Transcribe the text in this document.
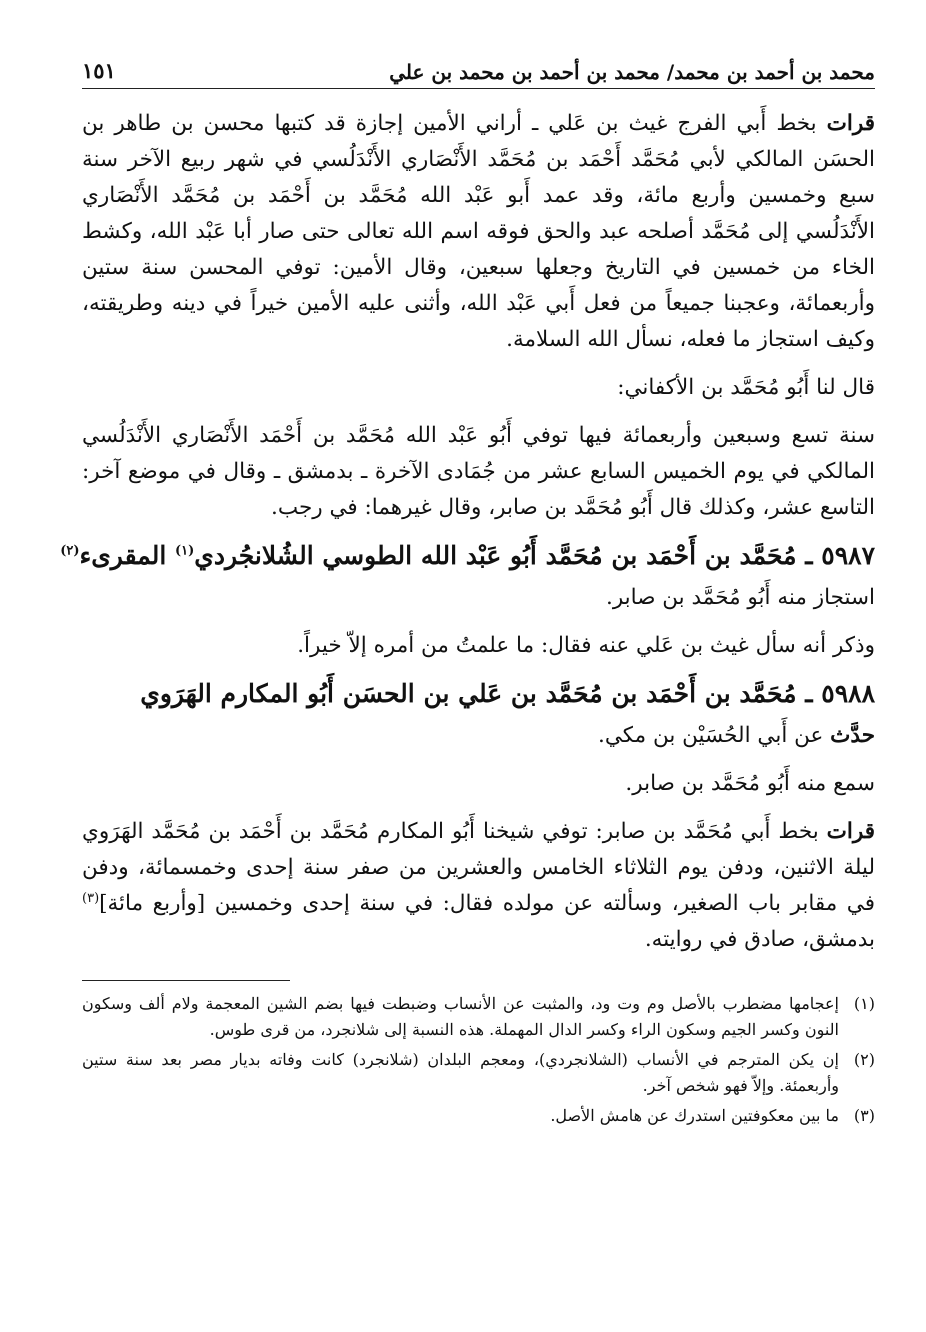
محمد بن أحمد بن محمد/ محمد بن أحمد بن محمد بن علي
١٥١

قرات بخط أَبي الفرج غيث بن عَلي ـ أراني الأمين إجازة قد كتبها محسن بن طاهر بن الحسَن المالكي لأبي مُحَمَّد أَحْمَد بن مُحَمَّد الأَنْصَاري الأَنْدَلُسي في شهر ربيع الآخر سنة سبع وخمسين وأربع مائة، وقد عمد أَبو عَبْد الله مُحَمَّد بن أَحْمَد بن مُحَمَّد الأَنْصَاري الأَنْدَلُسي إلى مُحَمَّد أصلحه عبد والحق فوقه اسم الله تعالى حتى صار أبا عَبْد الله، وكشط الخاء من خمسين في التاريخ وجعلها سبعين، وقال الأمين: توفي المحسن سنة ستين وأربعمائة، وعجبنا جميعاً من فعل أَبي عَبْد الله، وأثنى عليه الأمين خيراً في دينه وطريقته، وكيف استجاز ما فعله، نسأل الله السلامة.

قال لنا أَبُو مُحَمَّد بن الأكفاني:

سنة تسع وسبعين وأربعمائة فيها توفي أَبُو عَبْد الله مُحَمَّد بن أَحْمَد الأَنْصَاري الأَنْدَلُسي المالكي في يوم الخميس السابع عشر من جُمَادى الآخرة ـ بدمشق ـ وقال في موضع آخر: التاسع عشر، وكذلك قال أَبُو مُحَمَّد بن صابر، وقال غيرهما: في رجب.

٥٩٨٧ ـ مُحَمَّد بن أَحْمَد بن مُحَمَّد أَبُو عَبْد الله الطوسي الشُلانجُردي$^{(١)}$ المقرىء$^{(٢)}$

استجاز منه أَبُو مُحَمَّد بن صابر.

وذكر أنه سأل غيث بن عَلي عنه فقال: ما علمتُ من أمره إلاّ خيراً.

٥٩٨٨ ـ مُحَمَّد بن أَحْمَد بن مُحَمَّد بن عَلي بن الحسَن أَبُو المكارم الهَرَوي

حدَّث عن أَبي الحُسَيْن بن مكي.

سمع منه أَبُو مُحَمَّد بن صابر.

قرات بخط أَبي مُحَمَّد بن صابر: توفي شيخنا أَبُو المكارم مُحَمَّد بن أَحْمَد بن مُحَمَّد الهَرَوي ليلة الاثنين، ودفن يوم الثلاثاء الخامس والعشرين من صفر سنة إحدى وخمسمائة، ودفن في مقابر باب الصغير، وسألته عن مولده فقال: في سنة إحدى وخمسين [وأربع مائة]$^{(٣)}$ بدمشق، صادق في روايته.

(١)
إعجامها مضطرب بالأصل وم وت ود، والمثبت عن الأنساب وضبطت فيها بضم الشين المعجمة ولام ألف وسكون النون وكسر الجيم وسكون الراء وكسر الدال المهملة. هذه النسبة إلى شلانجرد، من قرى طوس.
(٢)
إن يكن المترجم في الأنساب (الشلانجردي)، ومعجم البلدان (شلانجرد) كانت وفاته بديار مصر بعد سنة ستين وأربعمئة. وإلاّ فهو شخص آخر.
(٣)
ما بين معكوفتين استدرك عن هامش الأصل.
